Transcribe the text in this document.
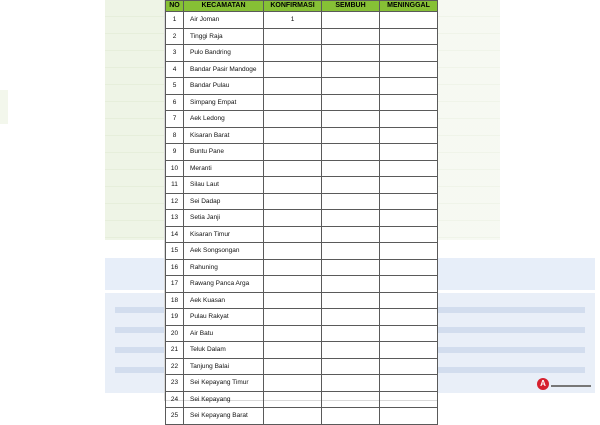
NO	KECAMATAN	KONFIRMASI	SEMBUH	MENINGGAL
1	Air Joman	1		
2	Tinggi Raja			
3	Pulo Bandring			
4	Bandar Pasir Mandoge			
5	Bandar Pulau			
6	Simpang Empat			
7	Aek Ledong			
8	Kisaran Barat			
9	Buntu Pane			
10	Meranti			
11	Silau Laut			
12	Sei Dadap			
13	Setia Janji			
14	Kisaran Timur			
15	Aek Songsongan			
16	Rahuning			
17	Rawang Panca Arga			
18	Aek Kuasan			
19	Pulau Rakyat			
20	Air Batu			
21	Teluk Dalam			
22	Tanjung Balai			
23	Sei Kepayang Timur			
24	Sei Kepayang			
25	Sei Kepayang Barat			
A
